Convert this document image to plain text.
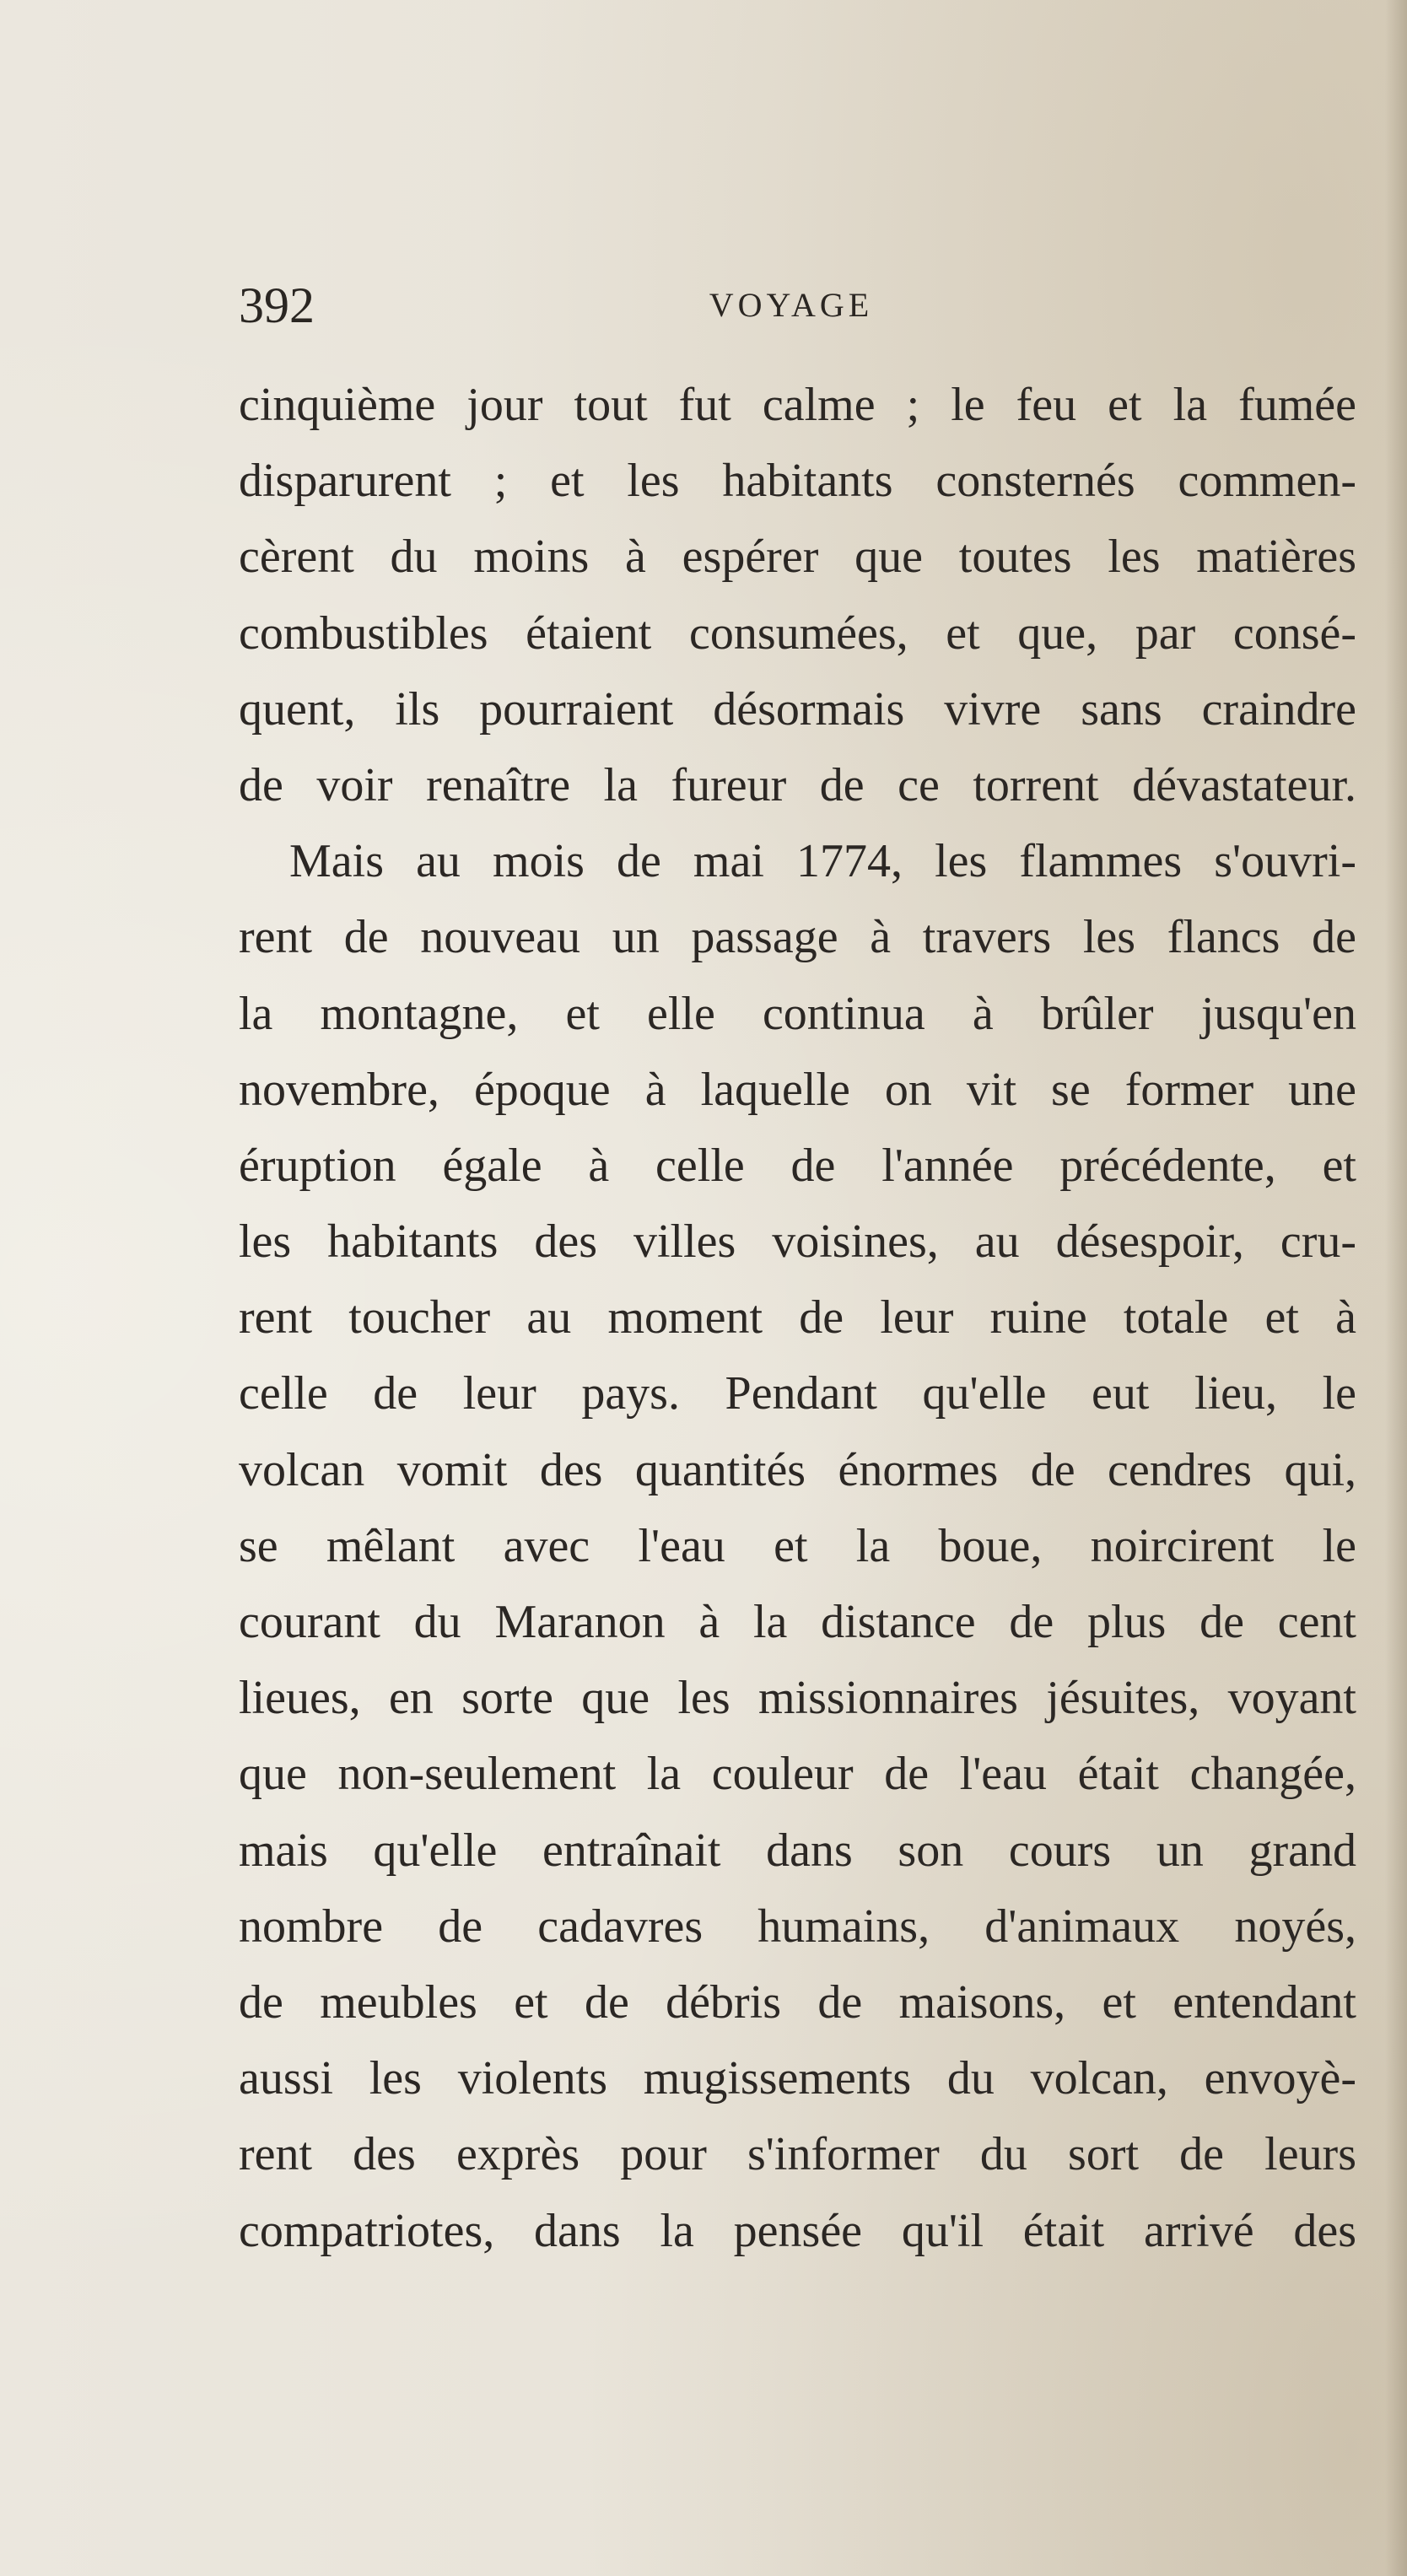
392	VOYAGE
cinquième jour tout fut calme ; le feu et la fumée
disparurent ; et les habitants consternés commen-
cèrent du moins à espérer que toutes les matières
combustibles étaient consumées, et que, par consé-
quent, ils pourraient désormais vivre sans craindre
de voir renaître la fureur de ce torrent dévastateur.
Mais au mois de mai 1774, les flammes s'ouvri-
rent de nouveau un passage à travers les flancs de
la montagne, et elle continua à brûler jusqu'en
novembre, époque à laquelle on vit se former une
éruption égale à celle de l'année précédente, et
les habitants des villes voisines, au désespoir, cru-
rent toucher au moment de leur ruine totale et à
celle de leur pays. Pendant qu'elle eut lieu, le
volcan vomit des quantités énormes de cendres qui,
se mêlant avec l'eau et la boue, noircirent le
courant du Maranon à la distance de plus de cent
lieues, en sorte que les missionnaires jésuites, voyant
que non-seulement la couleur de l'eau était changée,
mais qu'elle entraînait dans son cours un grand
nombre de cadavres humains, d'animaux noyés,
de meubles et de débris de maisons, et entendant
aussi les violents mugissements du volcan, envoyè-
rent des exprès pour s'informer du sort de leurs
compatriotes, dans la pensée qu'il était arrivé des
